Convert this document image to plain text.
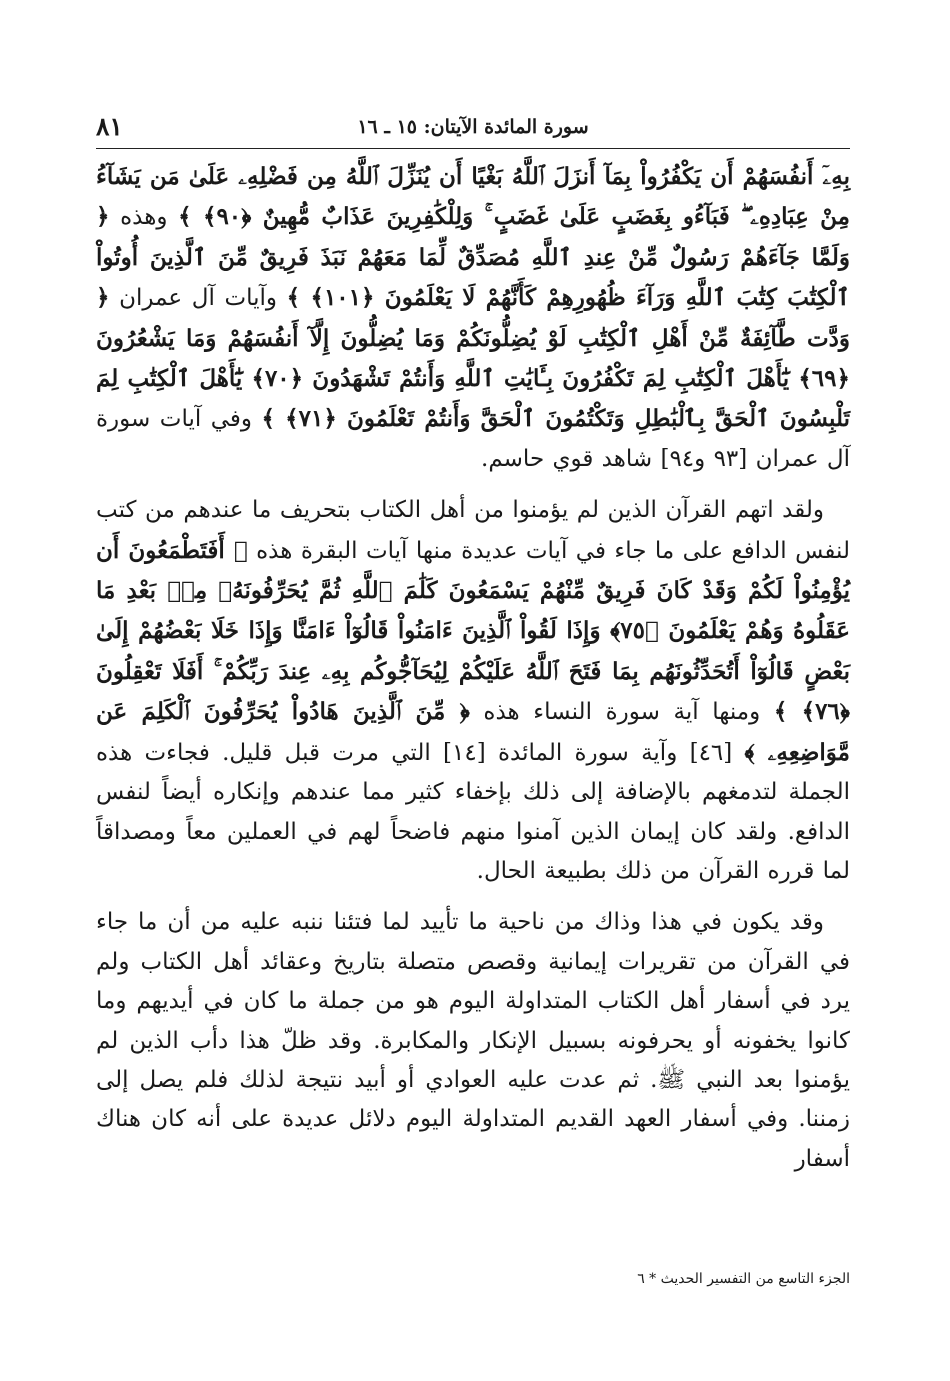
٨١	سورة المائدة الآيتان: ١٥ ـ ١٦

بِهِۦٓ أَنفُسَهُمْ أَن يَكْفُرُواْ بِمَآ أَنزَلَ ٱللَّهُ بَغْيًا أَن يُنَزِّلَ ٱللَّهُ مِن فَضْلِهِۦ عَلَىٰ مَن يَشَآءُ مِنْ عِبَادِهِۦ ۖ فَبَآءُو بِغَضَبٍ عَلَىٰ غَضَبٍ ۚ وَلِلْكَٰفِرِينَ عَذَابٌ مُّهِينٌ ﴿٩٠﴾ ﴾ وهذه ﴿ وَلَمَّا جَآءَهُمْ رَسُولٌ مِّنْ عِندِ ٱللَّهِ مُصَدِّقٌ لِّمَا مَعَهُمْ نَبَذَ فَرِيقٌ مِّنَ ٱلَّذِينَ أُوتُواْ ٱلْكِتَٰبَ كِتَٰبَ ٱللَّهِ وَرَآءَ ظُهُورِهِمْ كَأَنَّهُمْ لَا يَعْلَمُونَ ﴿١٠١﴾ ﴾ وآيات آل عمران ﴿ وَدَّت طَّآئِفَةٌ مِّنْ أَهْلِ ٱلْكِتَٰبِ لَوْ يُضِلُّونَكُمْ وَمَا يُضِلُّونَ إِلَّآ أَنفُسَهُمْ وَمَا يَشْعُرُونَ ﴿٦٩﴾ يَٰٓأَهْلَ ٱلْكِتَٰبِ لِمَ تَكْفُرُونَ بِـَٔايَٰتِ ٱللَّهِ وَأَنتُمْ تَشْهَدُونَ ﴿٧٠﴾ يَٰٓأَهْلَ ٱلْكِتَٰبِ لِمَ تَلْبِسُونَ ٱلْحَقَّ بِٱلْبَٰطِلِ وَتَكْتُمُونَ ٱلْحَقَّ وَأَنتُمْ تَعْلَمُونَ ﴿٧١﴾ ﴾ وفي آيات سورة آل عمران [٩٣ و٩٤] شاهد قوي حاسم.

ولقد اتهم القرآن الذين لم يؤمنوا من أهل الكتاب بتحريف ما عندهم من كتب لنفس الدافع على ما جاء في آيات عديدة منها آيات البقرة هذه ﴿ أَفَتَطْمَعُونَ أَن يُؤْمِنُواْ لَكُمْ وَقَدْ كَانَ فَرِيقٌ مِّنْهُمْ يَسْمَعُونَ كَلَٰمَ ٱللَّهِ ثُمَّ يُحَرِّفُونَهُۥ مِنۢ بَعْدِ مَا عَقَلُوهُ وَهُمْ يَعْلَمُونَ ﴿٧٥﴾ وَإِذَا لَقُواْ ٱلَّذِينَ ءَامَنُواْ قَالُوٓاْ ءَامَنَّا وَإِذَا خَلَا بَعْضُهُمْ إِلَىٰ بَعْضٍ قَالُوٓاْ أَتُحَدِّثُونَهُم بِمَا فَتَحَ ٱللَّهُ عَلَيْكُمْ لِيُحَآجُّوكُم بِهِۦ عِندَ رَبِّكُمْ ۚ أَفَلَا تَعْقِلُونَ ﴿٧٦﴾ ﴾ ومنها آية سورة النساء هذه ﴿ مِّنَ ٱلَّذِينَ هَادُواْ يُحَرِّفُونَ ٱلْكَلِمَ عَن مَّوَاضِعِهِۦ ﴾ [٤٦] وآية سورة المائدة [١٤] التي مرت قبل قليل. فجاءت هذه الجملة لتدمغهم بالإضافة إلى ذلك بإخفاء كثير مما عندهم وإنكاره أيضاً لنفس الدافع. ولقد كان إيمان الذين آمنوا منهم فاضحاً لهم في العملين معاً ومصداقاً لما قرره القرآن من ذلك بطبيعة الحال.

وقد يكون في هذا وذاك من ناحية ما تأييد لما فتئنا ننبه عليه من أن ما جاء في القرآن من تقريرات إيمانية وقصص متصلة بتاريخ وعقائد أهل الكتاب ولم يرد في أسفار أهل الكتاب المتداولة اليوم هو من جملة ما كان في أيديهم وما كانوا يخفونه أو يحرفونه بسبيل الإنكار والمكابرة. وقد ظلّ هذا دأب الذين لم يؤمنوا بعد النبي ﷺ. ثم عدت عليه العوادي أو أبيد نتيجة لذلك فلم يصل إلى زمننا. وفي أسفار العهد القديم المتداولة اليوم دلائل عديدة على أنه كان هناك أسفار

الجزء التاسع من التفسير الحديث * ٦
